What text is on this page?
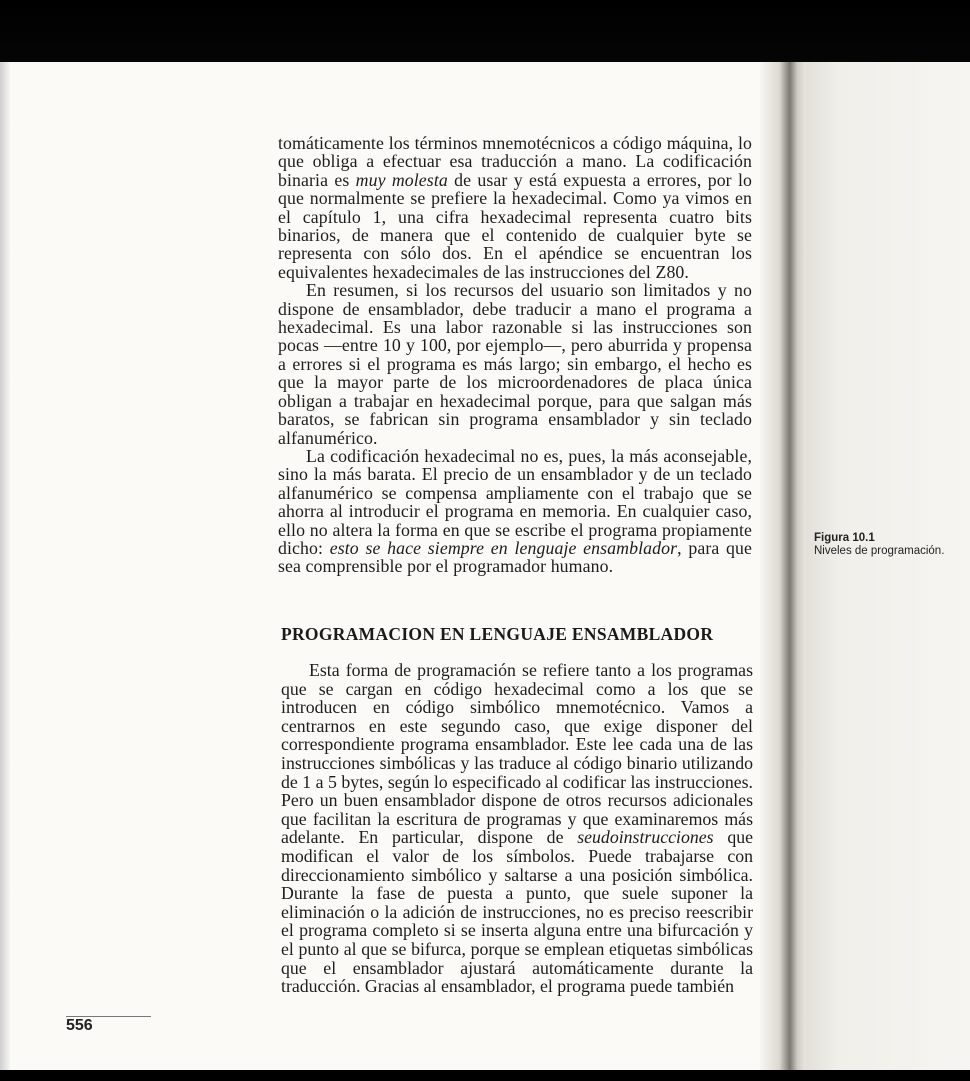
tomáticamente los términos mnemotécnicos a código máquina, lo que obliga a efectuar esa traducción a mano. La codificación binaria es muy molesta de usar y está expuesta a errores, por lo que normalmente se prefiere la hexadecimal. Como ya vimos en el capítulo 1, una cifra hexadecimal representa cuatro bits binarios, de manera que el contenido de cualquier byte se representa con sólo dos. En el apéndice se encuentran los equivalentes hexadecimales de las instrucciones del Z80.

En resumen, si los recursos del usuario son limitados y no dispone de ensamblador, debe traducir a mano el programa a hexadecimal. Es una labor razonable si las instrucciones son pocas —entre 10 y 100, por ejemplo—, pero aburrida y propensa a errores si el programa es más largo; sin embargo, el hecho es que la mayor parte de los microordenadores de placa única obligan a trabajar en hexadecimal porque, para que salgan más baratos, se fabrican sin programa ensamblador y sin teclado alfanumérico.

La codificación hexadecimal no es, pues, la más aconsejable, sino la más barata. El precio de un ensamblador y de un teclado alfanumérico se compensa ampliamente con el trabajo que se ahorra al introducir el programa en memoria. En cualquier caso, ello no altera la forma en que se escribe el programa propiamente dicho: esto se hace siempre en lenguaje ensamblador, para que sea comprensible por el programador humano.

PROGRAMACION EN LENGUAJE ENSAMBLADOR

Esta forma de programación se refiere tanto a los programas que se cargan en código hexadecimal como a los que se introducen en código simbólico mnemotécnico. Vamos a centrarnos en este segundo caso, que exige disponer del correspondiente programa ensamblador. Este lee cada una de las instrucciones simbólicas y las traduce al código binario utilizando de 1 a 5 bytes, según lo especificado al codificar las instrucciones. Pero un buen ensamblador dispone de otros recursos adicionales que facilitan la escritura de programas y que examinaremos más adelante. En particular, dispone de seudoinstrucciones que modifican el valor de los símbolos. Puede trabajarse con direccionamiento simbólico y saltarse a una posición simbólica. Durante la fase de puesta a punto, que suele suponer la eliminación o la adición de instrucciones, no es preciso reescribir el programa completo si se inserta alguna entre una bifurcación y el punto al que se bifurca, porque se emplean etiquetas simbólicas que el ensamblador ajustará automáticamente durante la traducción. Gracias al ensamblador, el programa puede también

556
Figura 10.1
Niveles de programación.
